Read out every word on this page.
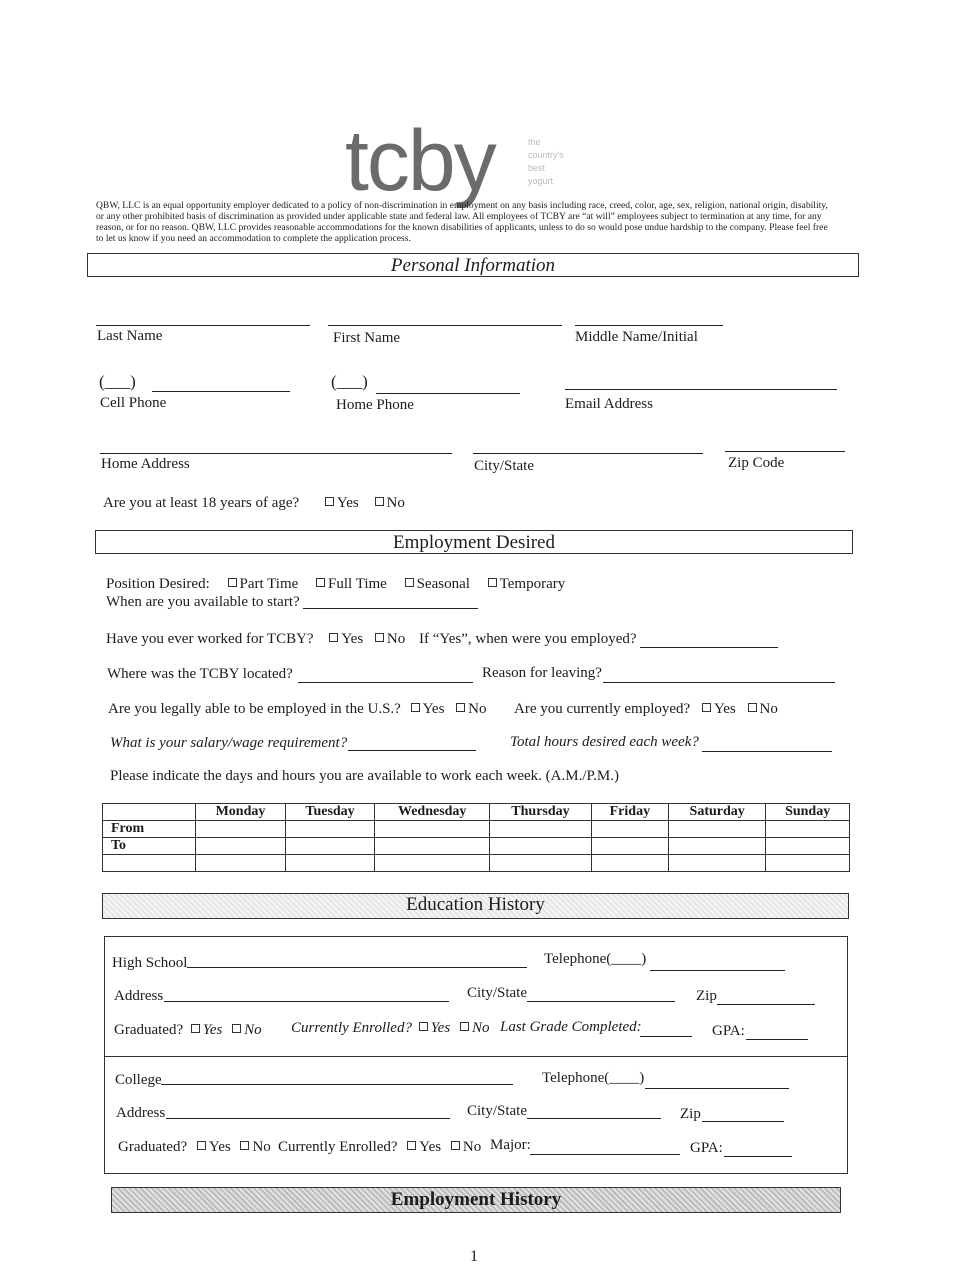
tcby	the
country's
best
yogurt
QBW, LLC is an equal opportunity employer dedicated to a policy of non-discrimination in employment on any basis including race, creed, color, age, sex, religion, national origin, disability, or any other prohibited basis of discrimination as provided under applicable state and federal law. All employees of TCBY are “at will” employees subject to termination at any time, for any reason, or for no reason. QBW, LLC provides reasonable accommodations for the known disabilities of applicants, unless to do so would pose undue hardship to the company. Please feel free to let us know if you need an accommodation to complete the application process.
Personal Information
Last Name	First Name	Middle Name/Initial
(___)	(___)
Cell Phone	Home Phone	Email Address
Home Address	City/State	Zip Code
Are you at least 18 years of age?	Yes No
Employment Desired
Position Desired: Part Time Full Time Seasonal Temporary
When are you available to start?
Have you ever worked for TCBY? Yes No If “Yes”, when were you employed?
Where was the TCBY located?	Reason for leaving?
Are you legally able to be employed in the U.S.? Yes No Are you currently employed? Yes No
What is your salary/wage requirement?	Total hours desired each week?
Please indicate the days and hours you are available to work each week. (A.M./P.M.)
	Monday	Tuesday	Wednesday	Thursday	Friday	Saturday	Sunday
From							
To							

Education History
High School	Telephone(____)
Address	City/State	Zip
Graduated? Yes No Currently Enrolled? Yes No Last Grade Completed:	GPA:
College	Telephone(____)
Address	City/State	Zip
Graduated? Yes No Currently Enrolled? Yes No Major:	GPA:
Employment History
1
